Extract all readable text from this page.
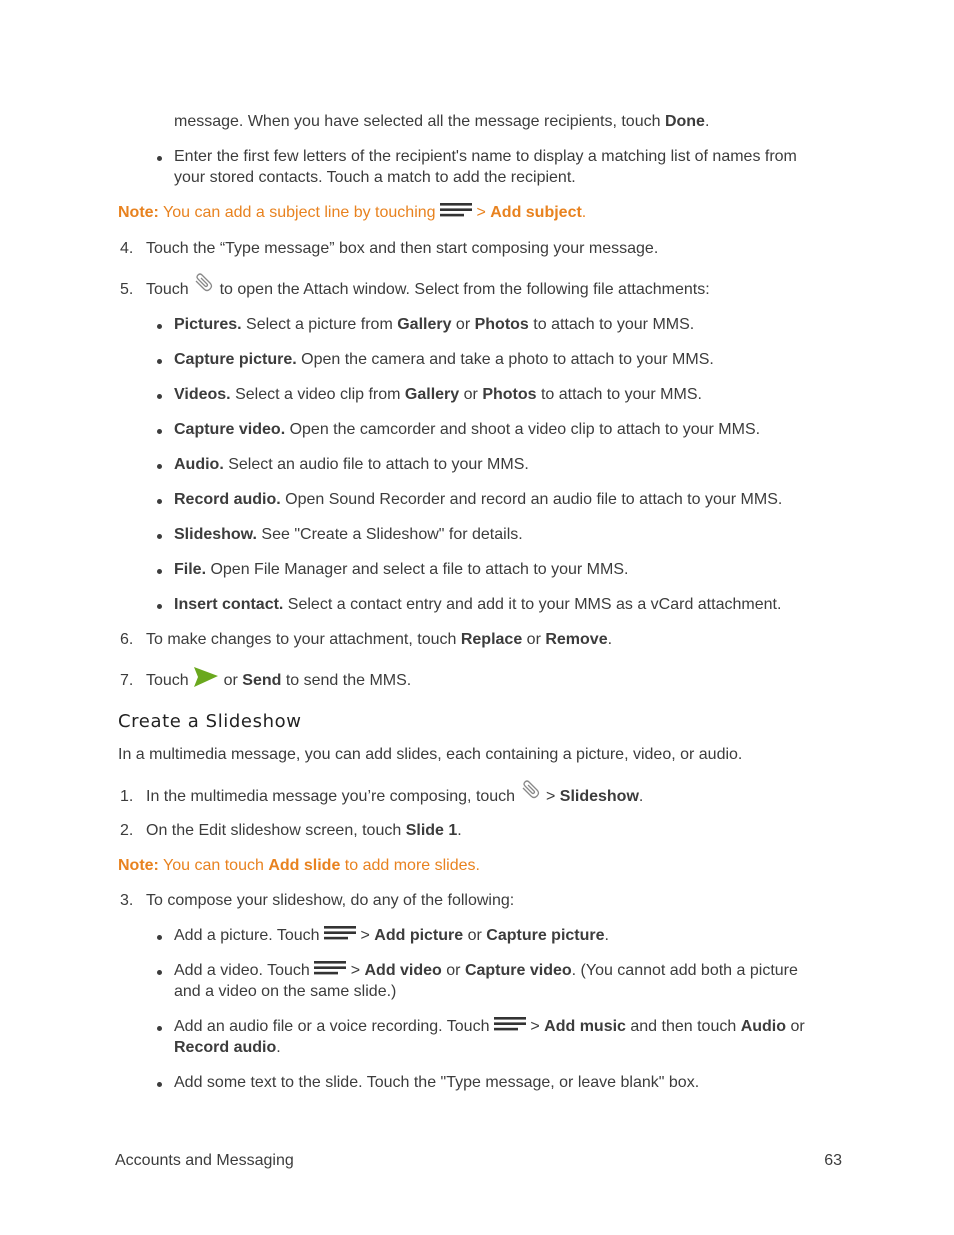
message. When you have selected all the message recipients, touch Done.
Enter the first few letters of the recipient's name to display a matching list of names from
your stored contacts. Touch a match to add the recipient.
Note: You can add a subject line by touching  > Add subject.
4. Touch the “Type message” box and then start composing your message.
5. Touch  to open the Attach window. Select from the following file attachments:
Pictures. Select a picture from Gallery or Photos to attach to your MMS.
Capture picture. Open the camera and take a photo to attach to your MMS.
Videos. Select a video clip from Gallery or Photos to attach to your MMS.
Capture video. Open the camcorder and shoot a video clip to attach to your MMS.
Audio. Select an audio file to attach to your MMS.
Record audio. Open Sound Recorder and record an audio file to attach to your MMS.
Slideshow. See "Create a Slideshow" for details.
File. Open File Manager and select a file to attach to your MMS.
Insert contact. Select a contact entry and add it to your MMS as a vCard attachment.
6. To make changes to your attachment, touch Replace or Remove.
7. Touch  or Send to send the MMS.
Create a Slideshow
In a multimedia message, you can add slides, each containing a picture, video, or audio.
1. In the multimedia message you’re composing, touch  > Slideshow.
2. On the Edit slideshow screen, touch Slide 1.
Note: You can touch Add slide to add more slides.
3. To compose your slideshow, do any of the following:
Add a picture. Touch  > Add picture or Capture picture.
Add a video. Touch  > Add video or Capture video. (You cannot add both a picture
and a video on the same slide.)
Add an audio file or a voice recording. Touch  > Add music and then touch Audio or
Record audio.
Add some text to the slide. Touch the "Type message, or leave blank" box.
Accounts and Messaging	63
